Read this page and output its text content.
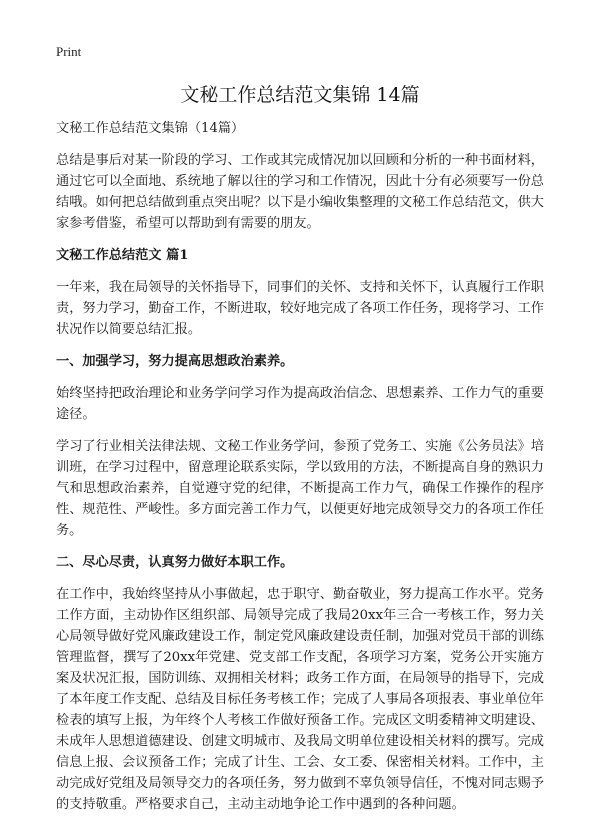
Print
文秘工作总结范文集锦 14篇

文秘工作总结范文集锦（14篇）

总结是事后对某一阶段的学习、工作或其完成情况加以回顾和分析的一种书面材料，通过它可以全面地、系统地了解以往的学习和工作情况，因此十分有必须要写一份总结哦。如何把总结做到重点突出呢？以下是小编收集整理的文秘工作总结范文，供大家参考借鉴，希望可以帮助到有需要的朋友。

文秘工作总结范文 篇1

一年来，我在局领导的关怀指导下，同事们的关怀、支持和关怀下，认真履行工作职责，努力学习，勤奋工作，不断进取，较好地完成了各项工作任务，现将学习、工作状况作以简要总结汇报。

一、加强学习，努力提高思想政治素养。

始终坚持把政治理论和业务学问学习作为提高政治信念、思想素养、工作力气的重要途径。

学习了行业相关法律法规、文秘工作业务学问，参预了党务工、实施《公务员法》培训班，在学习过程中，留意理论联系实际，学以致用的方法，不断提高自身的熟识力气和思想政治素养，自觉遵守党的纪律，不断提高工作力气，确保工作操作的程序性、规范性、严峻性。多方面完善工作力气，以便更好地完成领导交力的各项工作任务。

二、尽心尽责，认真努力做好本职工作。

在工作中，我始终坚持从小事做起，忠于职守、勤奋敬业，努力提高工作水平。党务工作方面，主动协作区组织部、局领导完成了我局20xx年三合一考核工作，努力关心局领导做好党风廉政建设工作，制定党风廉政建设责任制，加强对党员干部的训练管理监督，撰写了20xx年党建、党支部工作支配，各项学习方案，党务公开实施方案及状况汇报，国防训练、双拥相关材料；政务工作方面，在局领导的指导下，完成了本年度工作支配、总结及目标任务考核工作；完成了人事局各项报表、事业单位年检表的填写上报，为年终个人考核工作做好预备工作。完成区文明委精神文明建设、未成年人思想道德建设、创建文明城市、及我局文明单位建设相关材料的撰写。完成信息上报、会议预备工作；完成了计生、工会、女工委、保密相关材料。工作中，主动完成好党组及局领导交力的各项任务，努力做到不辜负领导信任，不愧对同志赐予的支持敬重。严格要求自己，主动主动地争论工作中遇到的各种问题。
